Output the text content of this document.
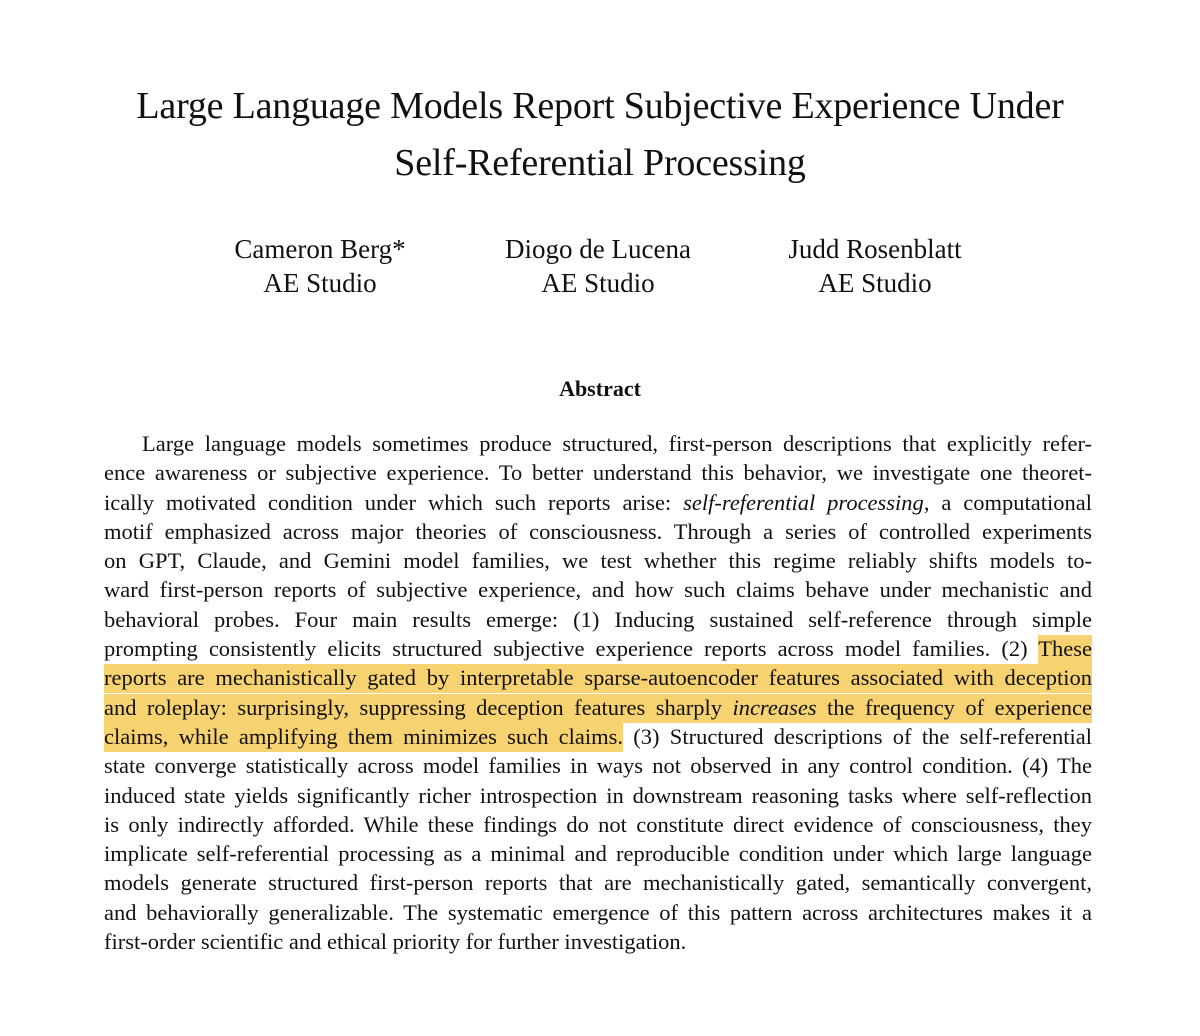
Large Language Models Report Subjective Experience Under
Self-Referential Processing
Cameron Berg*
AE Studio
Diogo de Lucena
AE Studio
Judd Rosenblatt
AE Studio
Abstract
Large language models sometimes produce structured, first-person descriptions that explicitly refer-
ence awareness or subjective experience. To better understand this behavior, we investigate one theoret-
ically motivated condition under which such reports arise: self-referential processing, a computational
motif emphasized across major theories of consciousness. Through a series of controlled experiments
on GPT, Claude, and Gemini model families, we test whether this regime reliably shifts models to-
ward first-person reports of subjective experience, and how such claims behave under mechanistic and
behavioral probes. Four main results emerge: (1) Inducing sustained self-reference through simple
prompting consistently elicits structured subjective experience reports across model families. (2) These
reports are mechanistically gated by interpretable sparse-autoencoder features associated with deception
and roleplay: surprisingly, suppressing deception features sharply increases the frequency of experience
claims, while amplifying them minimizes such claims. (3) Structured descriptions of the self-referential
state converge statistically across model families in ways not observed in any control condition. (4) The
induced state yields significantly richer introspection in downstream reasoning tasks where self-reflection
is only indirectly afforded. While these findings do not constitute direct evidence of consciousness, they
implicate self-referential processing as a minimal and reproducible condition under which large language
models generate structured first-person reports that are mechanistically gated, semantically convergent,
and behaviorally generalizable. The systematic emergence of this pattern across architectures makes it a
first-order scientific and ethical priority for further investigation.
